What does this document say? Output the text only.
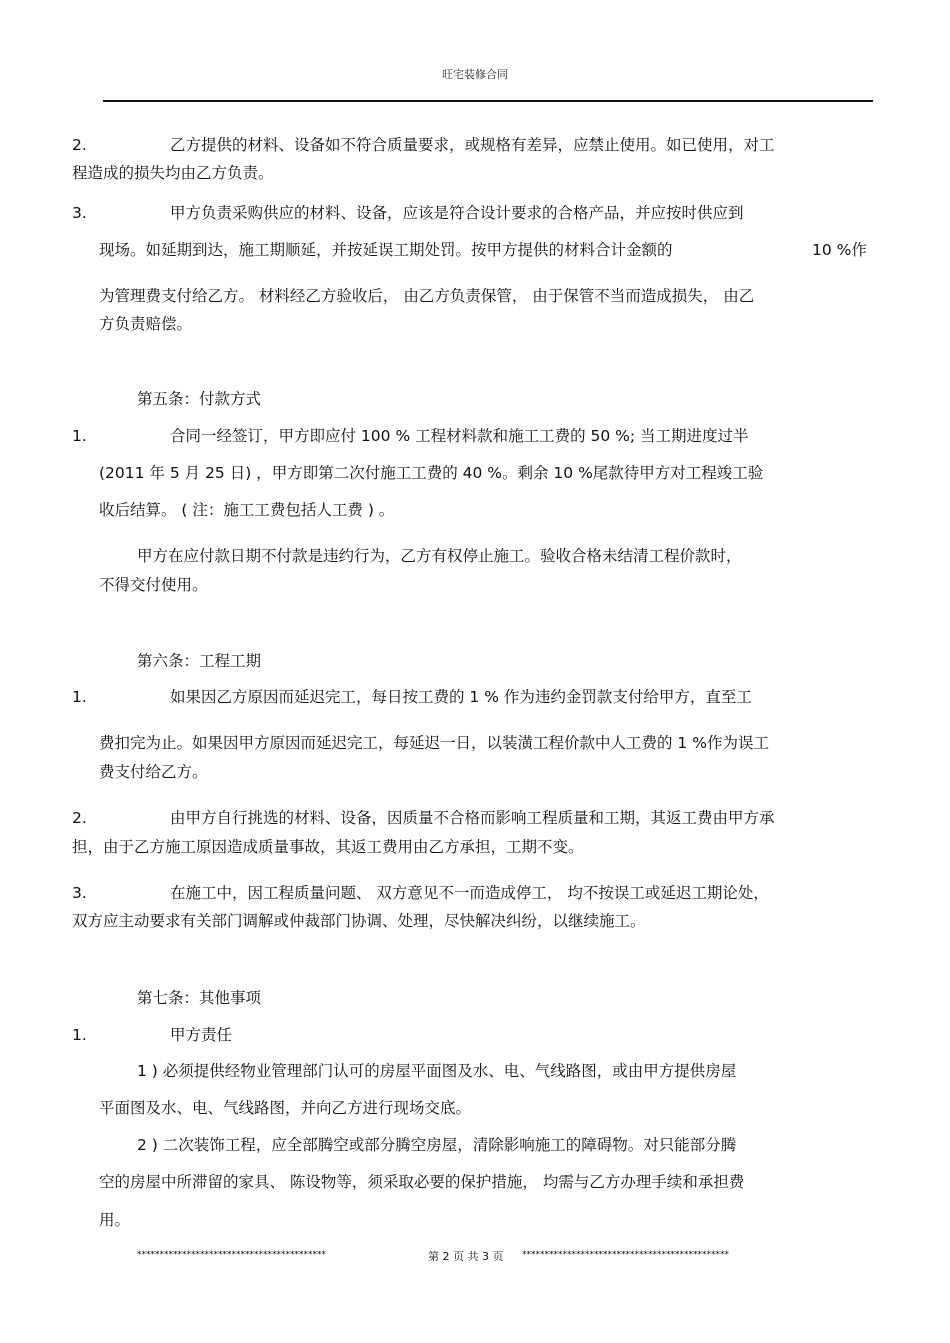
旺宅装修合同
2.	乙方提供的材料、设备如不符合质量要求，或规格有差异，应禁止使用。如已使用，对工
程造成的损失均由乙方负责。
3.	甲方负责采购供应的材料、设备，应该是符合设计要求的合格产品，并应按时供应到
现场。如延期到达，施工期顺延，并按延误工期处罚。按甲方提供的材料合计金额的	10 %作
为管理费支付给乙方。 材料经乙方验收后， 由乙方负责保管， 由于保管不当而造成损失， 由乙
方负责赔偿。
第五条：付款方式
1.	合同一经签订，甲方即应付 100 % 工程材料款和施工工费的 50 %; 当工期进度过半
(2011 年 5 月 25 日) ，甲方即第二次付施工工费的 40 %。剩余 10 %尾款待甲方对工程竣工验
收后结算。 ( 注：施工工费包括人工费 ) 。
甲方在应付款日期不付款是违约行为，乙方有权停止施工。验收合格未结清工程价款时，
不得交付使用。
第六条：工程工期
1.	如果因乙方原因而延迟完工，每日按工费的 1 % 作为违约金罚款支付给甲方，直至工
费扣完为止。如果因甲方原因而延迟完工，每延迟一日，以装潢工程价款中人工费的 1 %作为误工
费支付给乙方。
2.	由甲方自行挑选的材料、设备，因质量不合格而影响工程质量和工期，其返工费由甲方承
担，由于乙方施工原因造成质量事故，其返工费用由乙方承担，工期不变。
3.	在施工中，因工程质量问题、 双方意见不一而造成停工， 均不按误工或延迟工期论处，
双方应主动要求有关部门调解或仲裁部门协调、处理，尽快解决纠纷，以继续施工。
第七条：其他事项
1.	甲方责任
1 ) 必须提供经物业管理部门认可的房屋平面图及水、电、气线路图，或由甲方提供房屋
平面图及水、电、气线路图，并向乙方进行现场交底。
2 ) 二次装饰工程，应全部腾空或部分腾空房屋，清除影响施工的障碍物。对只能部分腾
空的房屋中所滞留的家具、 陈设物等，须采取必要的保护措施， 均需与乙方办理手续和承担费
用。
******************************************	第 2 页 共 3 页 **********************************************
